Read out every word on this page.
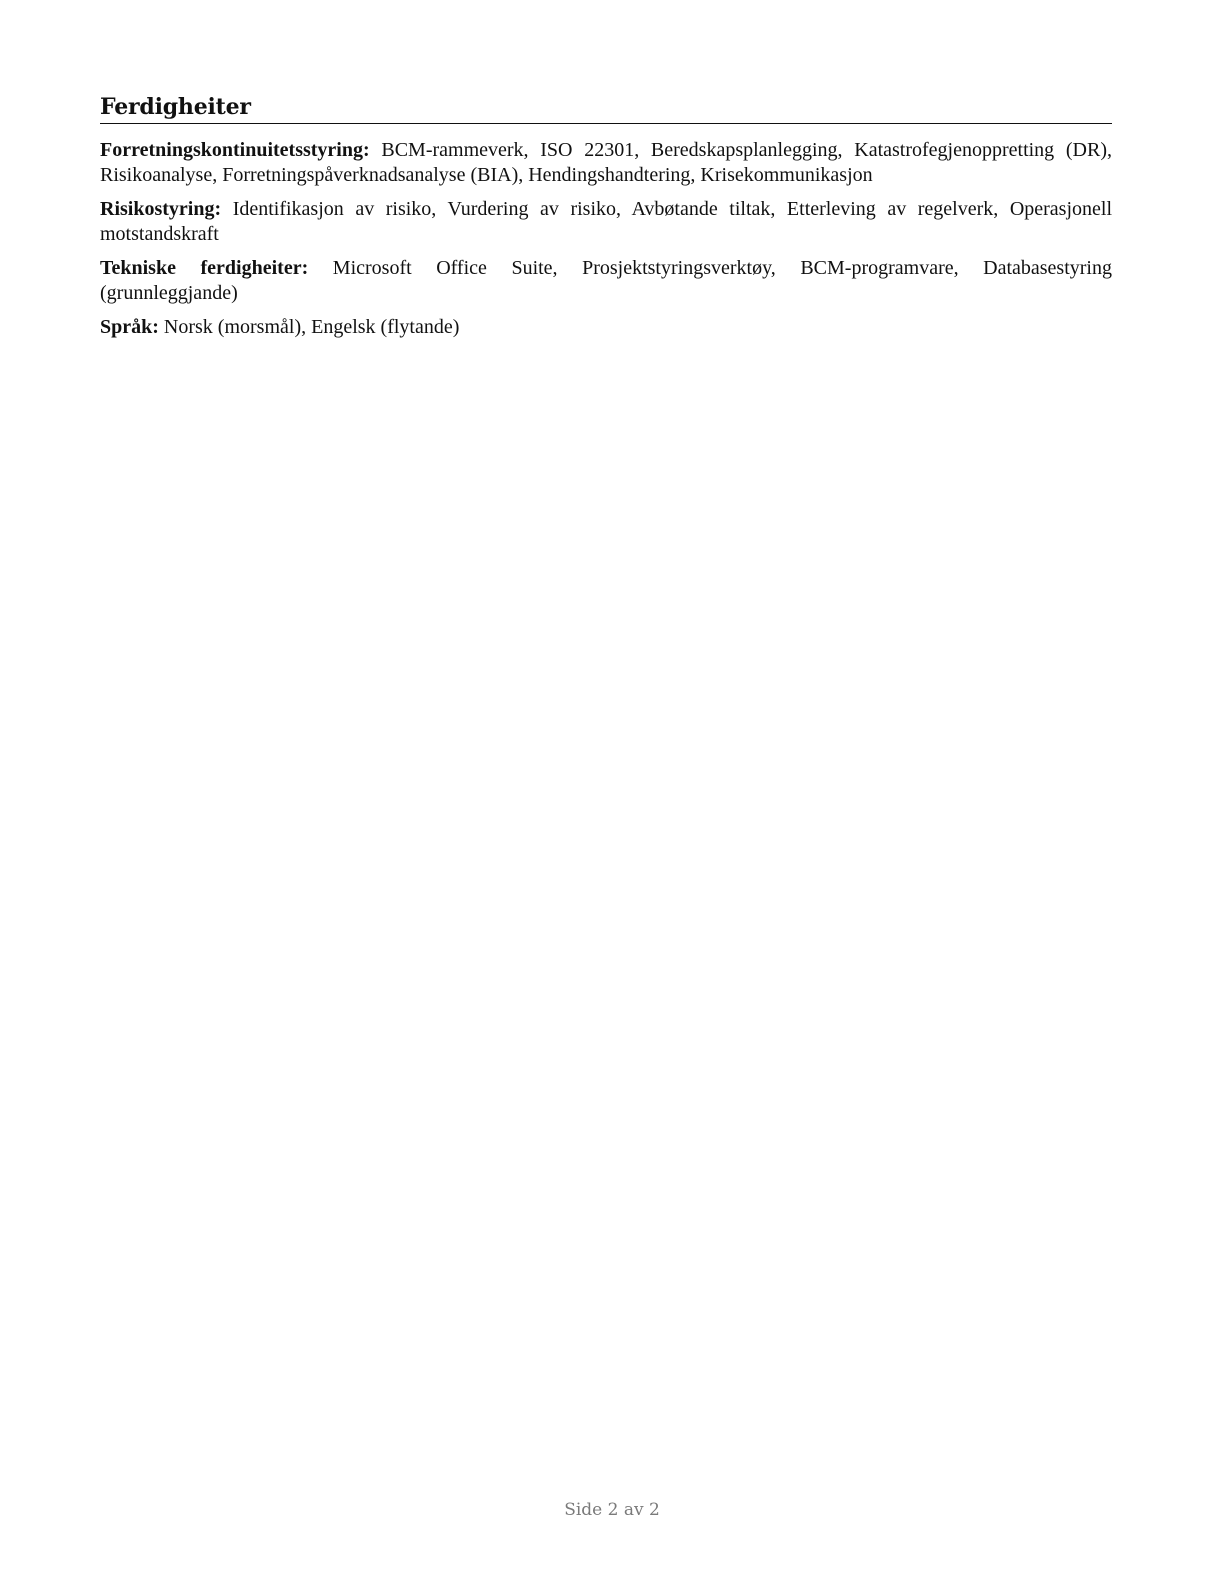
Ferdigheiter

Forretningskontinuitetsstyring: BCM-rammeverk, ISO 22301, Beredskapsplanlegging, Katastrofegjenoppretting (DR), Risikoanalyse, Forretningspåverknadsanalyse (BIA), Hendingshandtering, Krisekommunikasjon

Risikostyring: Identifikasjon av risiko, Vurdering av risiko, Avbøtande tiltak, Etterleving av regelverk, Operasjonell motstandskraft

Tekniske ferdigheiter: Microsoft Office Suite, Prosjektstyringsverktøy, BCM-programvare, Databasestyring (grunnleggjande)

Språk: Norsk (morsmål), Engelsk (flytande)

Side 2 av 2
